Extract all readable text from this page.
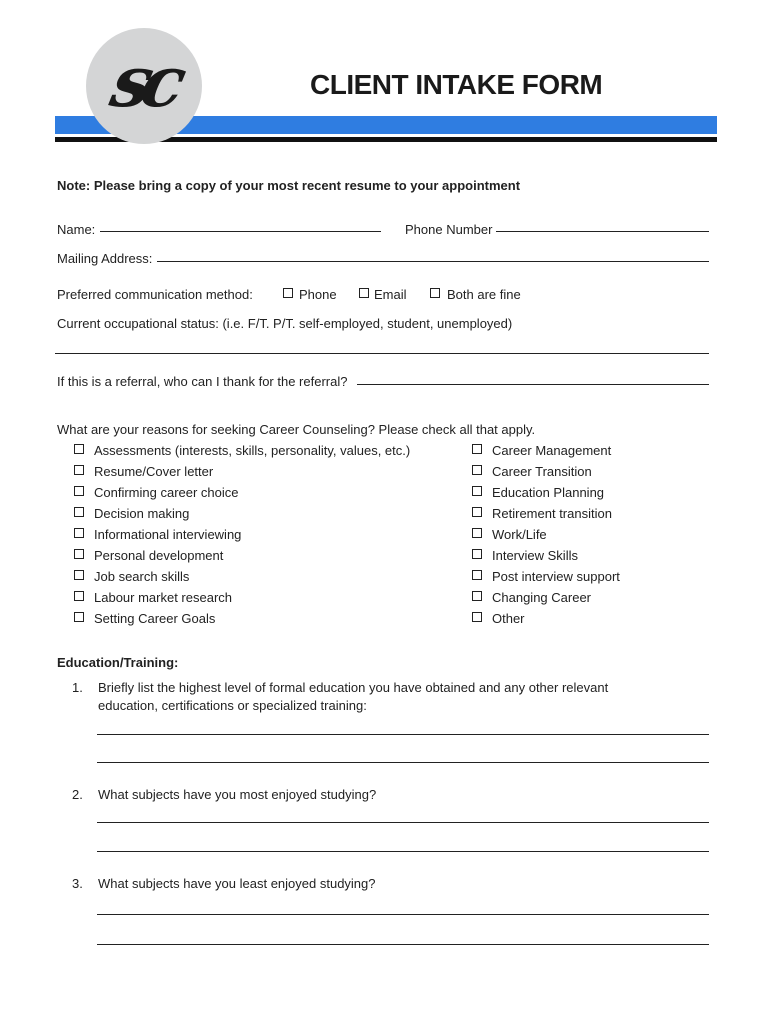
sc	CLIENT INTAKE FORM
Note: Please bring a copy of your most recent resume to your appointment
Name:	Phone Number
Mailing Address:
Preferred communication method:	Phone	Email	Both are fine
Current occupational status: (i.e. F/T. P/T. self-employed, student, unemployed)
If this is a referral, who can I thank for the referral?
What are your reasons for seeking Career Counseling? Please check all that apply.
Assessments (interests, skills, personality, values, etc.)
Resume/Cover letter
Confirming career choice
Decision making
Informational interviewing
Personal development
Job search skills
Labour market research
Setting Career Goals
Career Management
Career Transition
Education Planning
Retirement transition
Work/Life
Interview Skills
Post interview support
Changing Career
Other
Education/Training:
1. Briefly list the highest level of formal education you have obtained and any other relevant
education, certifications or specialized training:
2. What subjects have you most enjoyed studying?
3. What subjects have you least enjoyed studying?
